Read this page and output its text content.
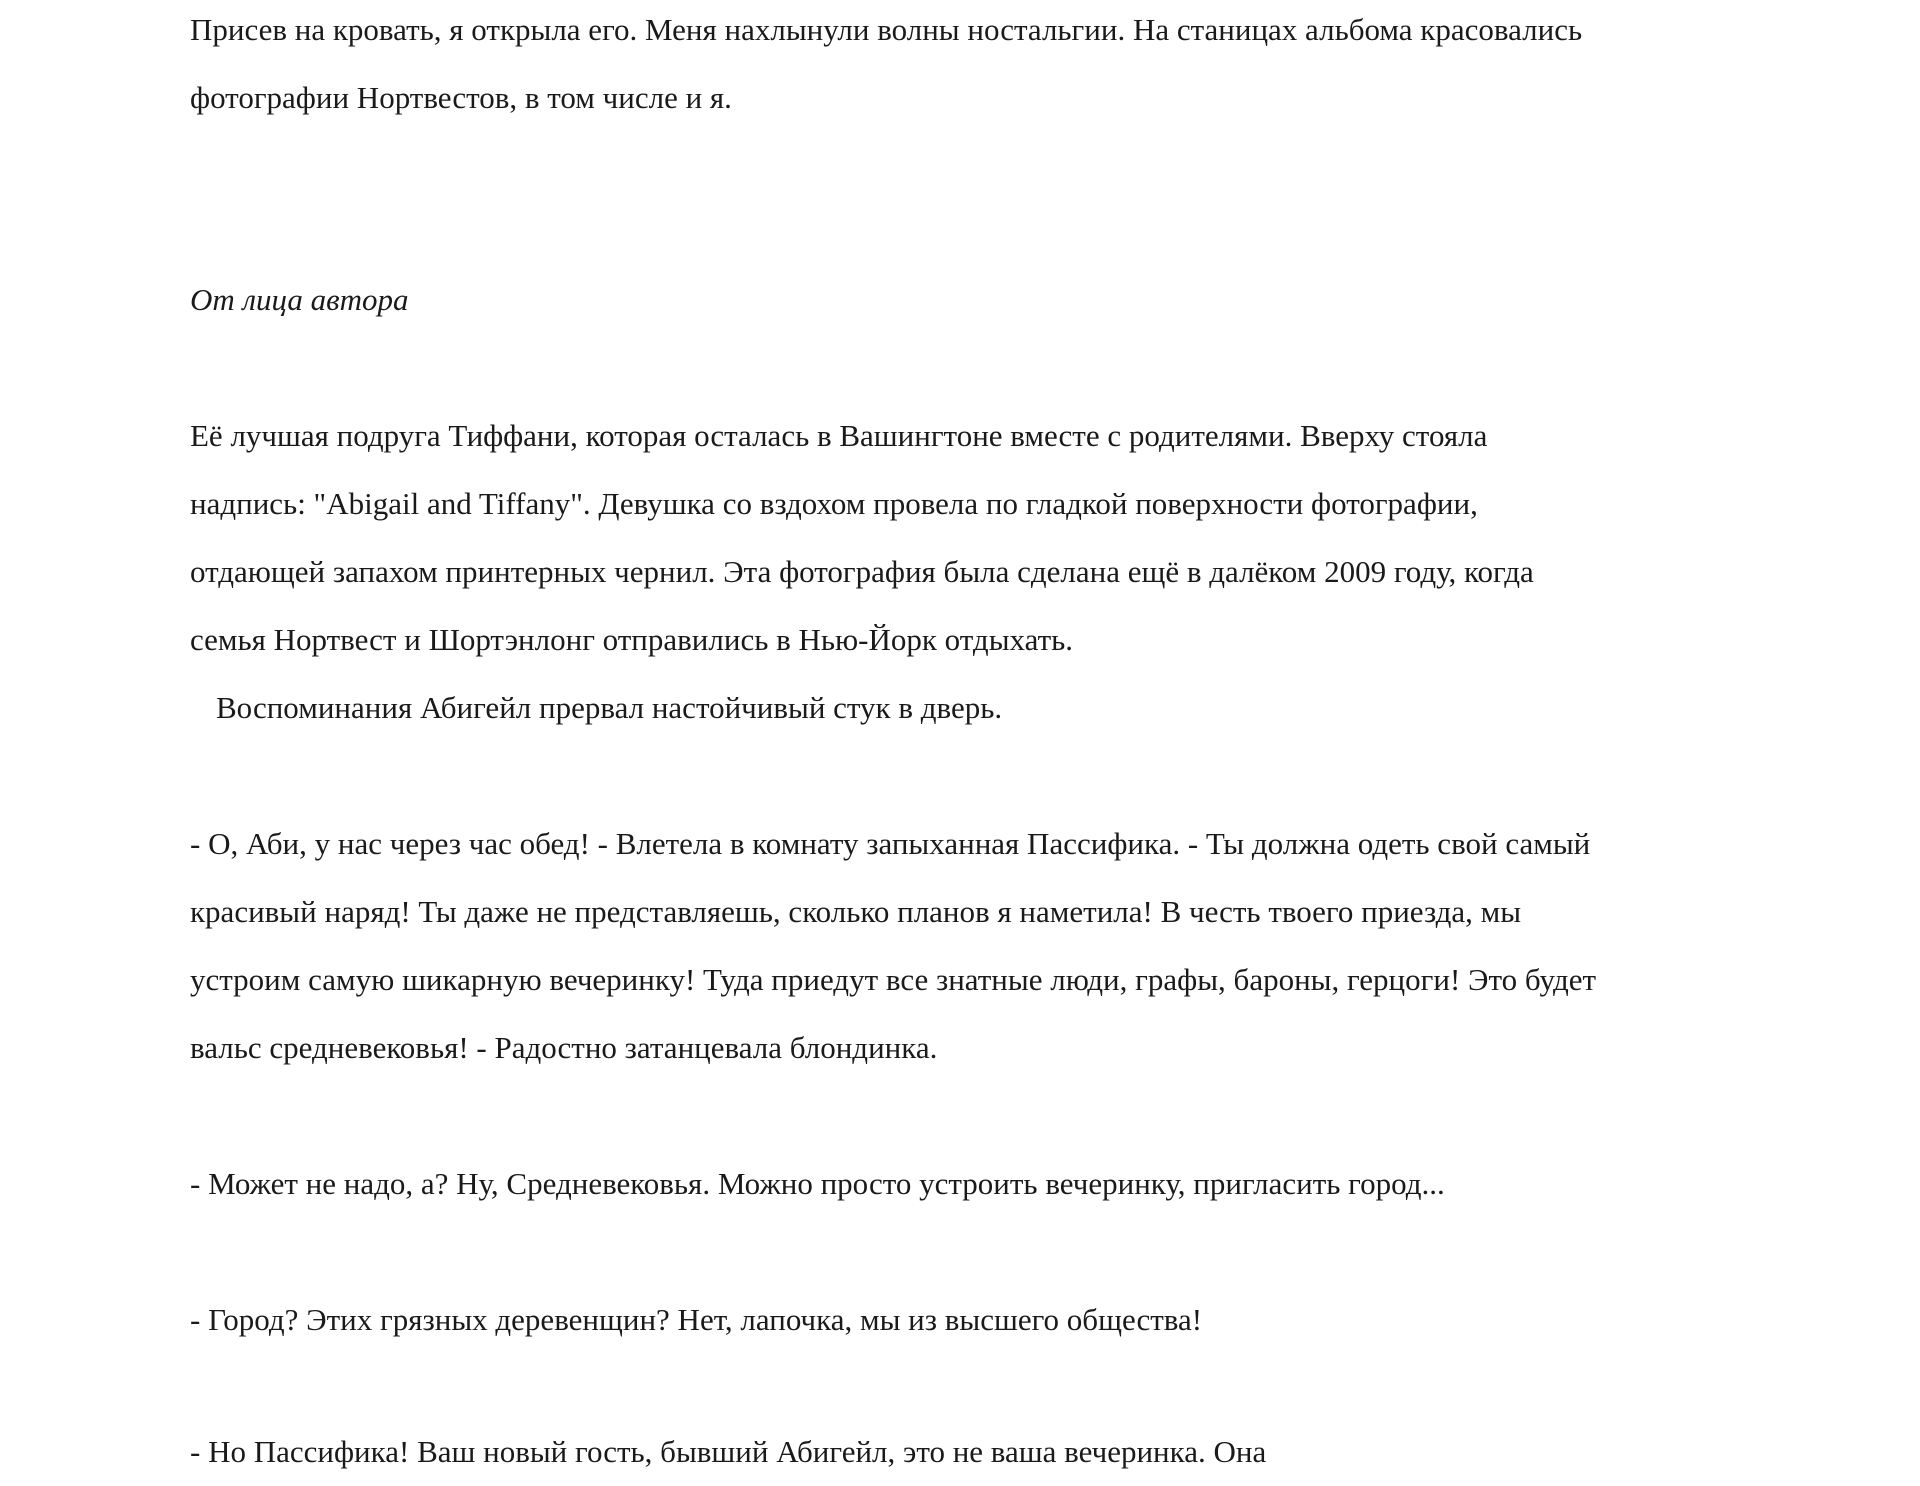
Присев на кровать, я открыла его. Меня нахлынули волны ностальгии. На станицах альбома красовались
фотографии Нортвестов, в том числе и я.
От лица автора
Её лучшая подруга Тиффани, которая осталась в Вашингтоне вместе с родителями. Вверху стояла
надпись: "Abigail and Tiffany". Девушка со вздохом провела по гладкой поверхности фотографии,
отдающей запахом принтерных чернил. Эта фотография была сделана ещё в далёком 2009 году, когда
семья Нортвест и Шортэнлонг отправились в Нью-Йорк отдыхать.
Воспоминания Абигейл прервал настойчивый стук в дверь.
- О, Аби, у нас через час обед! - Влетела в комнату запыханная Пассифика. - Ты должна одеть свой самый
красивый наряд! Ты даже не представляешь, сколько планов я наметила! В честь твоего приезда, мы
устроим самую шикарную вечеринку! Туда приедут все знатные люди, графы, бароны, герцоги! Это будет
вальс средневековья! - Радостно затанцевала блондинка.
- Может не надо, а? Ну, Средневековья. Можно просто устроить вечеринку, пригласить город...
- Город? Этих грязных деревенщин? Нет, лапочка, мы из высшего общества!
- Но Пассифика! Ваш новый гость, бывший Абигейл, это не ваша вечеринка. Она
